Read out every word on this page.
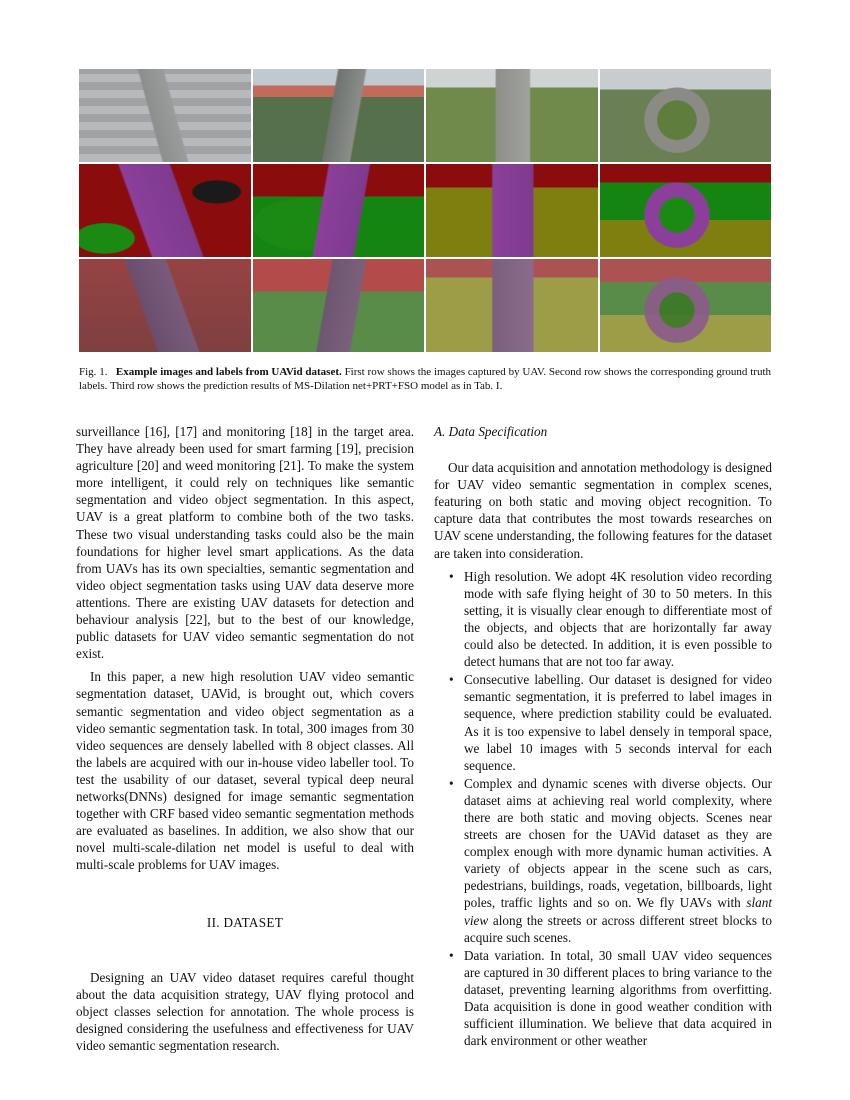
Fig. 1. Example images and labels from UAVid dataset. First row shows the images captured by UAV. Second row shows the corresponding ground truth labels. Third row shows the prediction results of MS-Dilation net+PRT+FSO model as in Tab. I.

surveillance [16], [17] and monitoring [18] in the target area. They have already been used for smart farming [19], precision agriculture [20] and weed monitoring [21]. To make the system more intelligent, it could rely on techniques like semantic segmentation and video object segmentation. In this aspect, UAV is a great platform to combine both of the two tasks. These two visual understanding tasks could also be the main foundations for higher level smart applications. As the data from UAVs has its own specialties, semantic segmentation and video object segmentation tasks using UAV data deserve more attentions. There are existing UAV datasets for detection and behaviour analysis [22], but to the best of our knowledge, public datasets for UAV video semantic segmentation do not exist.

In this paper, a new high resolution UAV video semantic segmentation dataset, UAVid, is brought out, which covers semantic segmentation and video object segmentation as a video semantic segmentation task. In total, 300 images from 30 video sequences are densely labelled with 8 object classes. All the labels are acquired with our in-house video labeller tool. To test the usability of our dataset, several typical deep neural networks(DNNs) designed for image semantic segmentation together with CRF based video semantic segmentation methods are evaluated as baselines. In addition, we also show that our novel multi-scale-dilation net model is useful to deal with multi-scale problems for UAV images.

II. DATASET

Designing an UAV video dataset requires careful thought about the data acquisition strategy, UAV flying protocol and object classes selection for annotation. The whole process is designed considering the usefulness and effectiveness for UAV video semantic segmentation research.

A. Data Specification

Our data acquisition and annotation methodology is designed for UAV video semantic segmentation in complex scenes, featuring on both static and moving object recognition. To capture data that contributes the most towards researches on UAV scene understanding, the following features for the dataset are taken into consideration.

• High resolution. We adopt 4K resolution video recording mode with safe flying height of 30 to 50 meters. In this setting, it is visually clear enough to differentiate most of the objects, and objects that are horizontally far away could also be detected. In addition, it is even possible to detect humans that are not too far away.
• Consecutive labelling. Our dataset is designed for video semantic segmentation, it is preferred to label images in sequence, where prediction stability could be evaluated. As it is too expensive to label densely in temporal space, we label 10 images with 5 seconds interval for each sequence.
• Complex and dynamic scenes with diverse objects. Our dataset aims at achieving real world complexity, where there are both static and moving objects. Scenes near streets are chosen for the UAVid dataset as they are complex enough with more dynamic human activities. A variety of objects appear in the scene such as cars, pedestrians, buildings, roads, vegetation, billboards, light poles, traffic lights and so on. We fly UAVs with slant view along the streets or across different street blocks to acquire such scenes.
• Data variation. In total, 30 small UAV video sequences are captured in 30 different places to bring variance to the dataset, preventing learning algorithms from overfitting. Data acquisition is done in good weather condition with sufficient illumination. We believe that data acquired in dark environment or other weather
